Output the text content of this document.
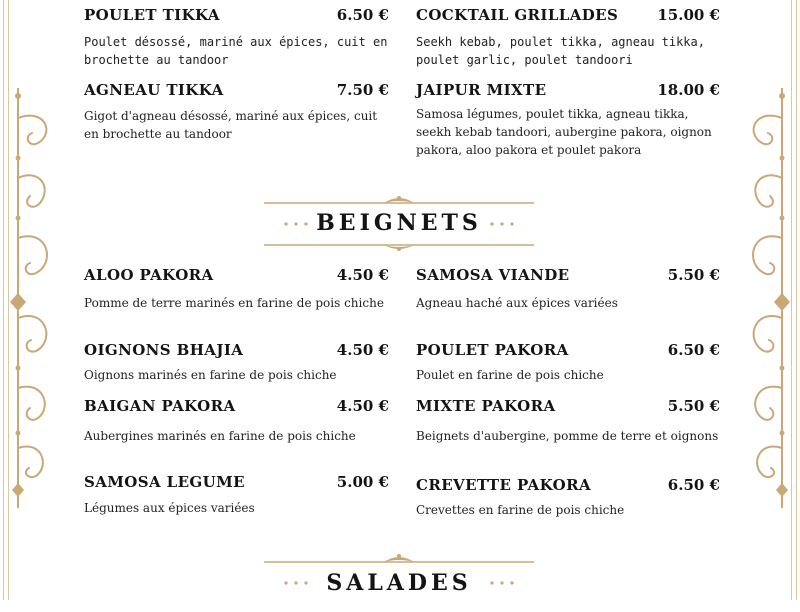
POULET TIKKA	6.50 €
Poulet désossé, mariné aux épices, cuit en brochette au tandoor
COCKTAIL GRILLADES	15.00 €
Seekh kebab, poulet tikka, agneau tikka, poulet garlic, poulet tandoori
AGNEAU TIKKA	7.50 €
Gigot d'agneau désossé, mariné aux épices, cuit en brochette au tandoor
JAIPUR MIXTE	18.00 €
Samosa légumes, poulet tikka, agneau tikka, seekh kebab tandoori, aubergine pakora, oignon pakora, aloo pakora et poulet pakora
BEIGNETS
ALOO PAKORA	4.50 €
Pomme de terre marinés en farine de pois chiche
SAMOSA VIANDE	5.50 €
Agneau haché aux épices variées
OIGNONS BHAJIA	4.50 €
Oignons marinés en farine de pois chiche
POULET PAKORA	6.50 €
Poulet en farine de pois chiche
BAIGAN PAKORA	4.50 €
Aubergines marinés en farine de pois chiche
MIXTE PAKORA	5.50 €
Beignets d'aubergine, pomme de terre et oignons
SAMOSA LEGUME	5.00 €
Légumes aux épices variées
CREVETTE PAKORA	6.50 €
Crevettes en farine de pois chiche
SALADES
